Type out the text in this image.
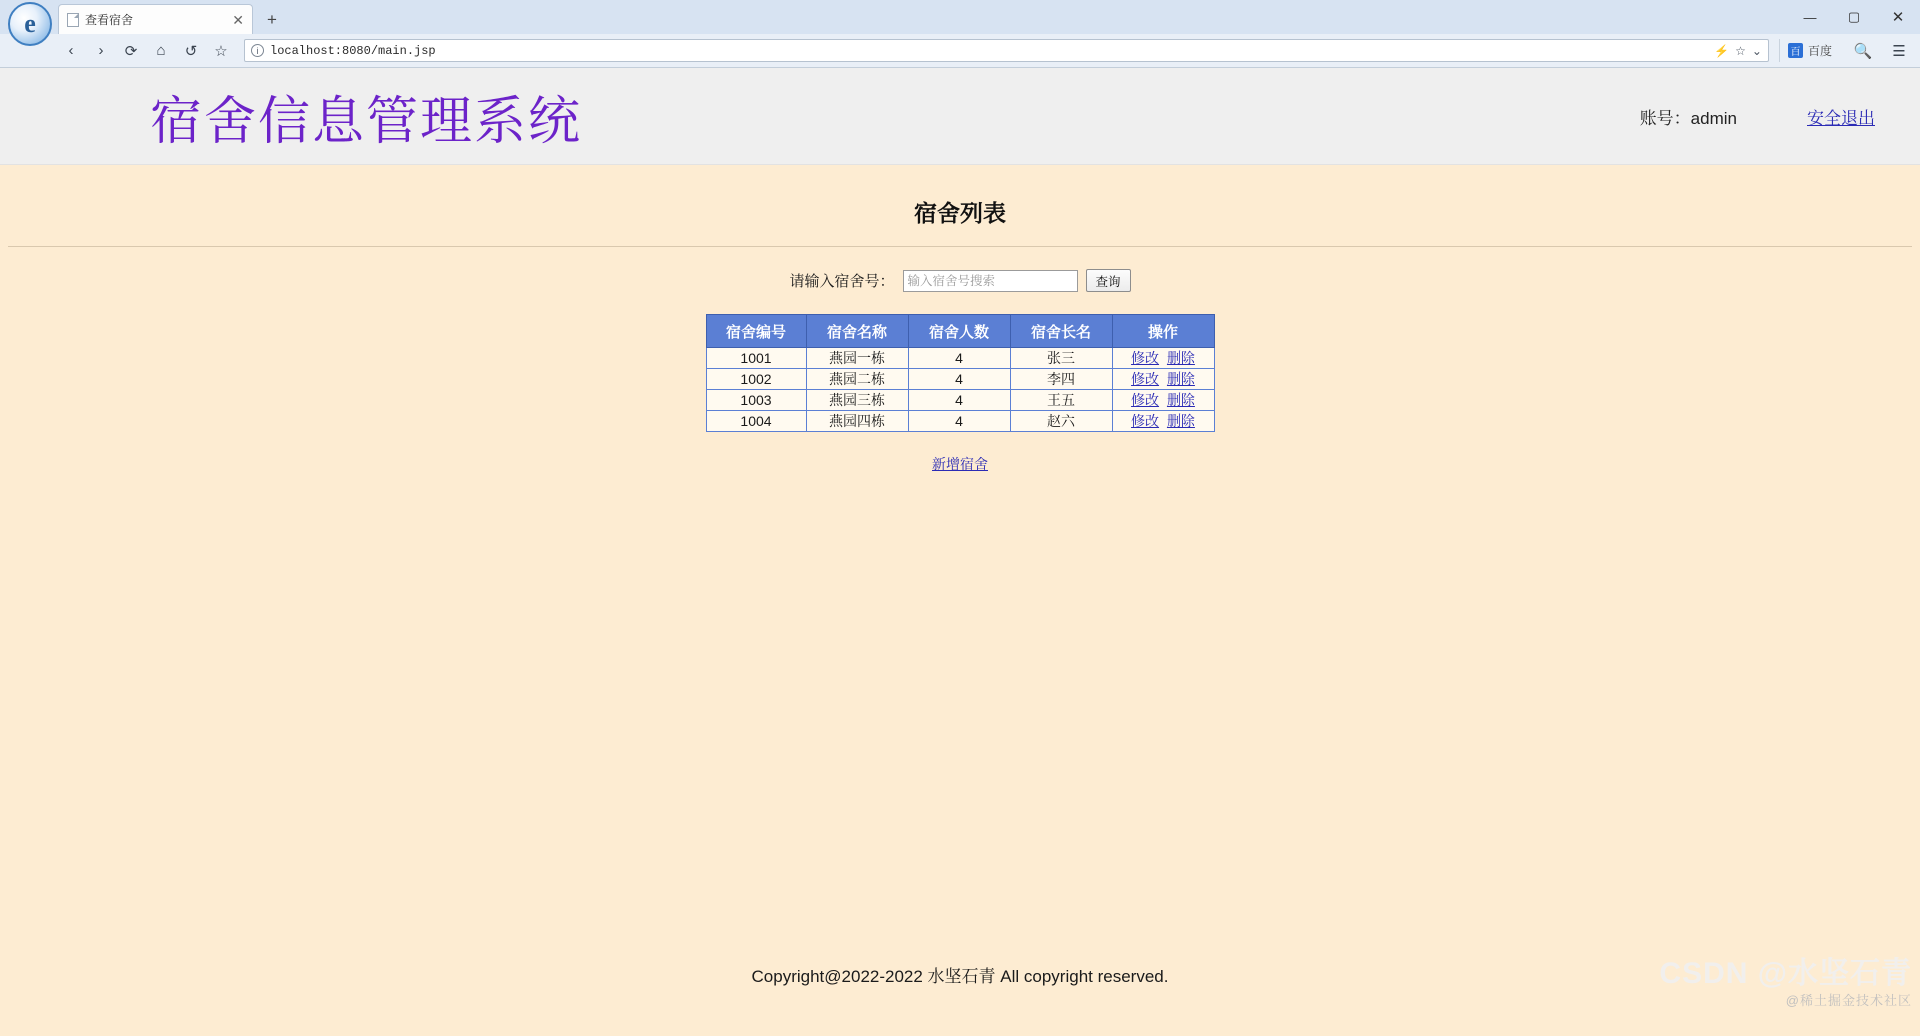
e	查看宿舍	✕	+	—	▢	✕
‹	›	⟳	⌂	↺	☆	i localhost:8080/main.jsp	⚡ ☆ ⌄	百 百度 🔍	☰
宿舍信息管理系统	账号：admin	安全退出
宿舍列表
请输入宿舍号：
输入宿舍号搜索	查询
宿舍编号	宿舍名称	宿舍人数	宿舍长名	操作
1001	燕园一栋	4	张三	修改 删除
1002	燕园二栋	4	李四	修改 删除
1003	燕园三栋	4	王五	修改 删除
1004	燕园四栋	4	赵六	修改 删除
新增宿舍
Copyright@2022-2022 水坚石青 All copyright reserved.	CSDN @水坚石青
@稀土掘金技术社区
